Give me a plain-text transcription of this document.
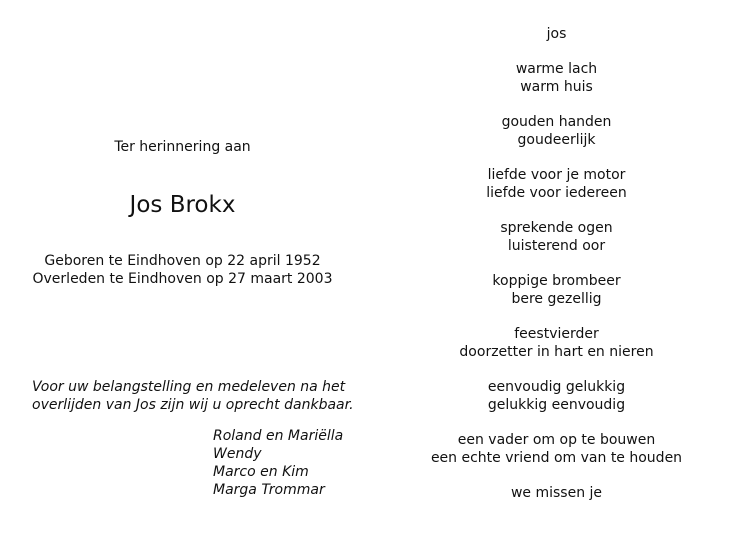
Ter herinnering aan
Jos Brokx
Geboren te Eindhoven op 22 april 1952
Overleden te Eindhoven op 27 maart 2003
Voor uw belangstelling en medeleven na het
overlijden van Jos zijn wij u oprecht dankbaar.
Roland en Mariëlla
Wendy
Marco en Kim
Marga Trommar
jos
warme lach
warm huis
gouden handen
goudeerlijk
liefde voor je motor
liefde voor iedereen
sprekende ogen
luisterend oor
koppige brombeer
bere gezellig
feestvierder
doorzetter in hart en nieren
eenvoudig gelukkig
gelukkig eenvoudig
een vader om op te bouwen
een echte vriend om van te houden
we missen je
